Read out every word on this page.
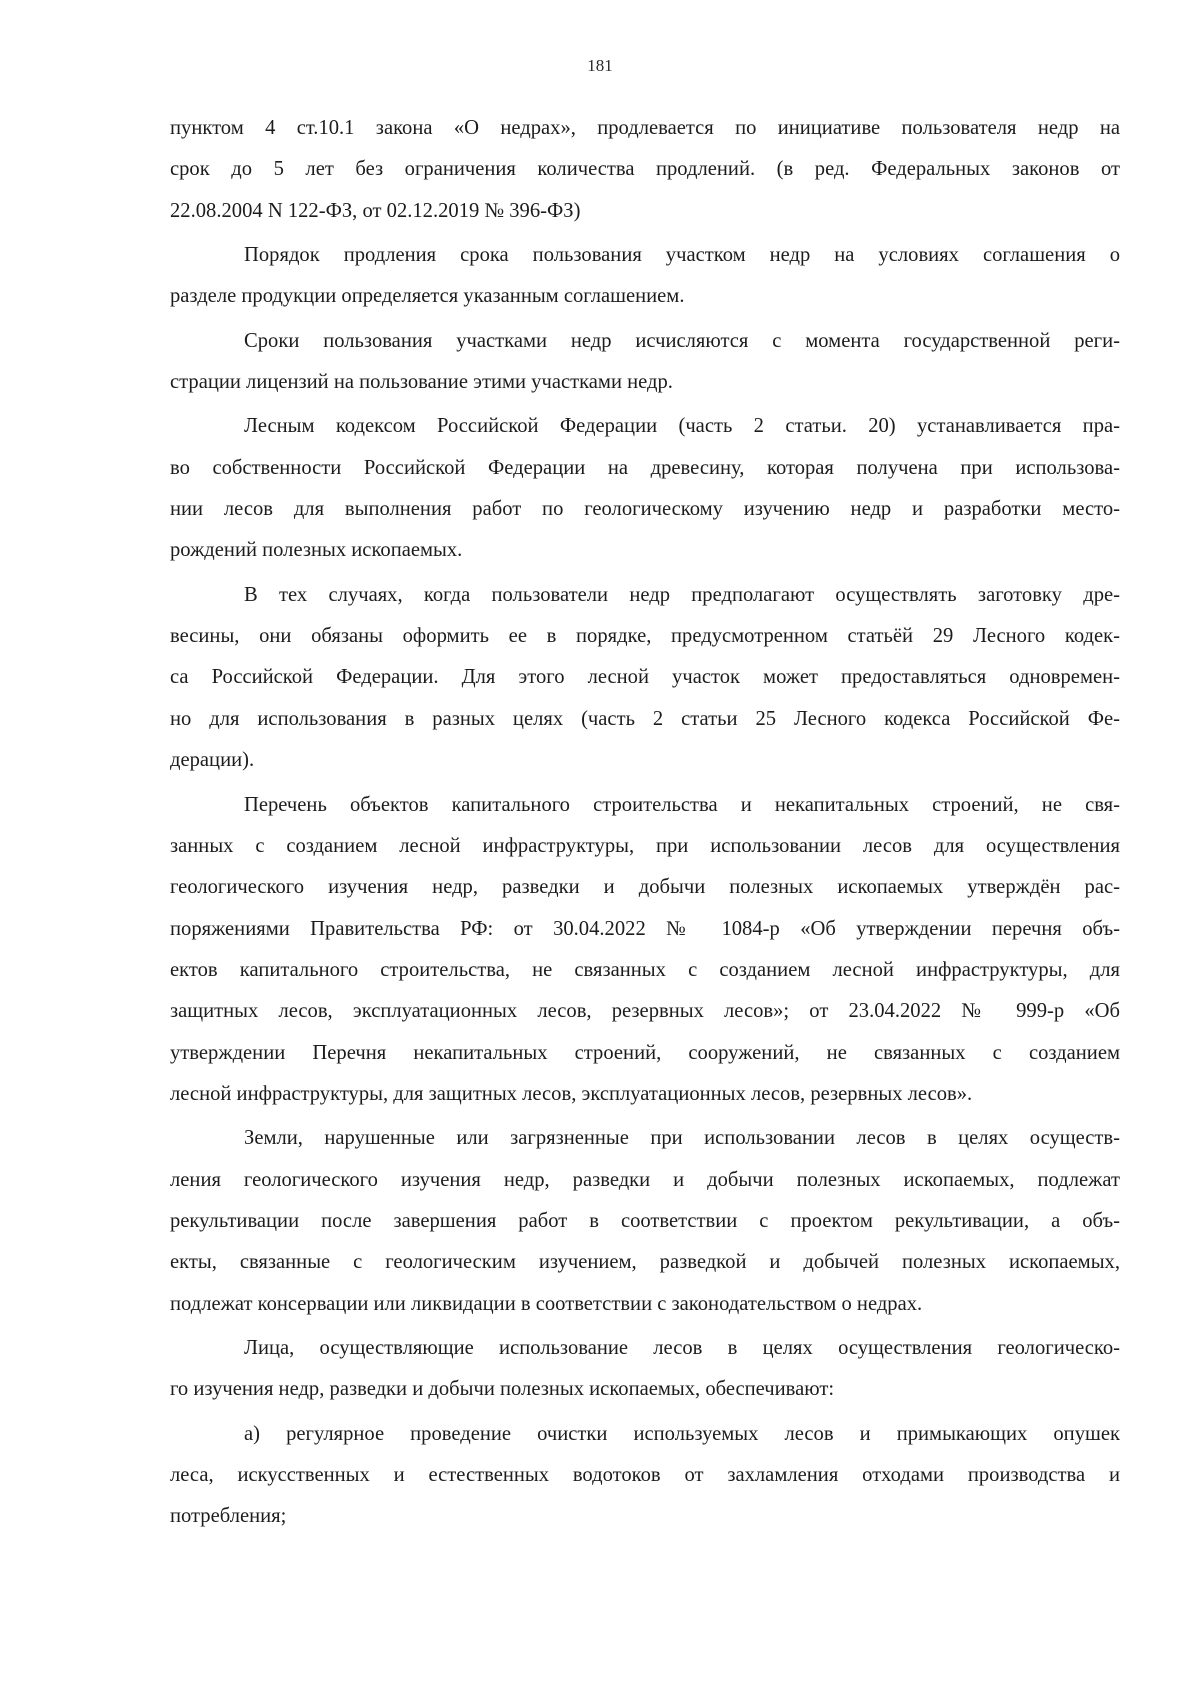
181
пунктом 4 ст.10.1 закона «О недрах», продлевается по инициативе пользователя недр на
срок до 5 лет без ограничения количества продлений. (в ред. Федеральных законов от
22.08.2004 N 122-ФЗ, от 02.12.2019 № 396-ФЗ)
Порядок продления срока пользования участком недр на условиях соглашения о
разделе продукции определяется указанным соглашением.
Сроки пользования участками недр исчисляются с момента государственной реги-
страции лицензий на пользование этими участками недр.
Лесным кодексом Российской Федерации (часть 2 статьи. 20) устанавливается пра-
во собственности Российской Федерации на древесину, которая получена при использова-
нии лесов для выполнения работ по геологическому изучению недр и разработки место-
рождений полезных ископаемых.
В тех случаях, когда пользователи недр предполагают осуществлять заготовку дре-
весины, они обязаны оформить ее в порядке, предусмотренном статьёй 29 Лесного кодек-
са Российской Федерации. Для этого лесной участок может предоставляться одновремен-
но для использования в разных целях (часть 2 статьи 25 Лесного кодекса Российской Фе-
дерации).
Перечень объектов капитального строительства и некапитальных строений, не свя-
занных с созданием лесной инфраструктуры, при использовании лесов для осуществления
геологического изучения недр, разведки и добычи полезных ископаемых утверждён рас-
поряжениями Правительства РФ: от 30.04.2022 № 1084-р «Об утверждении перечня объ-
ектов капитального строительства, не связанных с созданием лесной инфраструктуры, для
защитных лесов, эксплуатационных лесов, резервных лесов»; от 23.04.2022 № 999-р «Об
утверждении Перечня некапитальных строений, сооружений, не связанных с созданием
лесной инфраструктуры, для защитных лесов, эксплуатационных лесов, резервных лесов».
Земли, нарушенные или загрязненные при использовании лесов в целях осуществ-
ления геологического изучения недр, разведки и добычи полезных ископаемых, подлежат
рекультивации после завершения работ в соответствии с проектом рекультивации, а объ-
екты, связанные с геологическим изучением, разведкой и добычей полезных ископаемых,
подлежат консервации или ликвидации в соответствии с законодательством о недрах.
Лица, осуществляющие использование лесов в целях осуществления геологическо-
го изучения недр, разведки и добычи полезных ископаемых, обеспечивают:
а) регулярное проведение очистки используемых лесов и примыкающих опушек
леса, искусственных и естественных водотоков от захламления отходами производства и
потребления;
